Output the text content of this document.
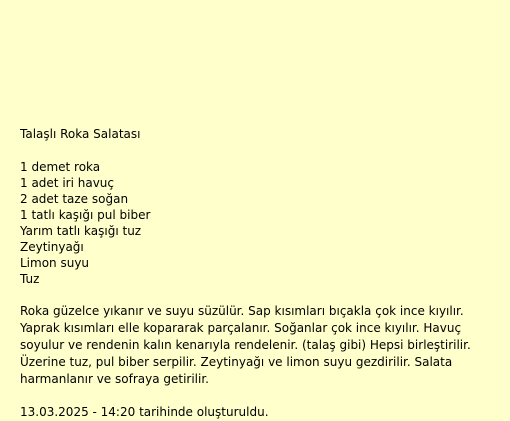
Talaşlı Roka Salatası
1 demet roka
1 adet iri havuç
2 adet taze soğan
1 tatlı kaşığı pul biber
Yarım tatlı kaşığı tuz
Zeytinyağı
Limon suyu
Tuz

Roka güzelce yıkanır ve suyu süzülür. Sap kısımları bıçakla çok ince kıyılır. Yaprak kısımları elle kopararak parçalanır. Soğanlar çok ince kıyılır. Havuç soyulur ve rendenin kalın kenarıyla rendelenir. (talaş gibi) Hepsi birleştirilir. Üzerine tuz, pul biber serpilir. Zeytinyağı ve limon suyu gezdirilir. Salata harmanlanır ve sofraya getirilir.

13.03.2025 - 14:20 tarihinde oluşturuldu.
